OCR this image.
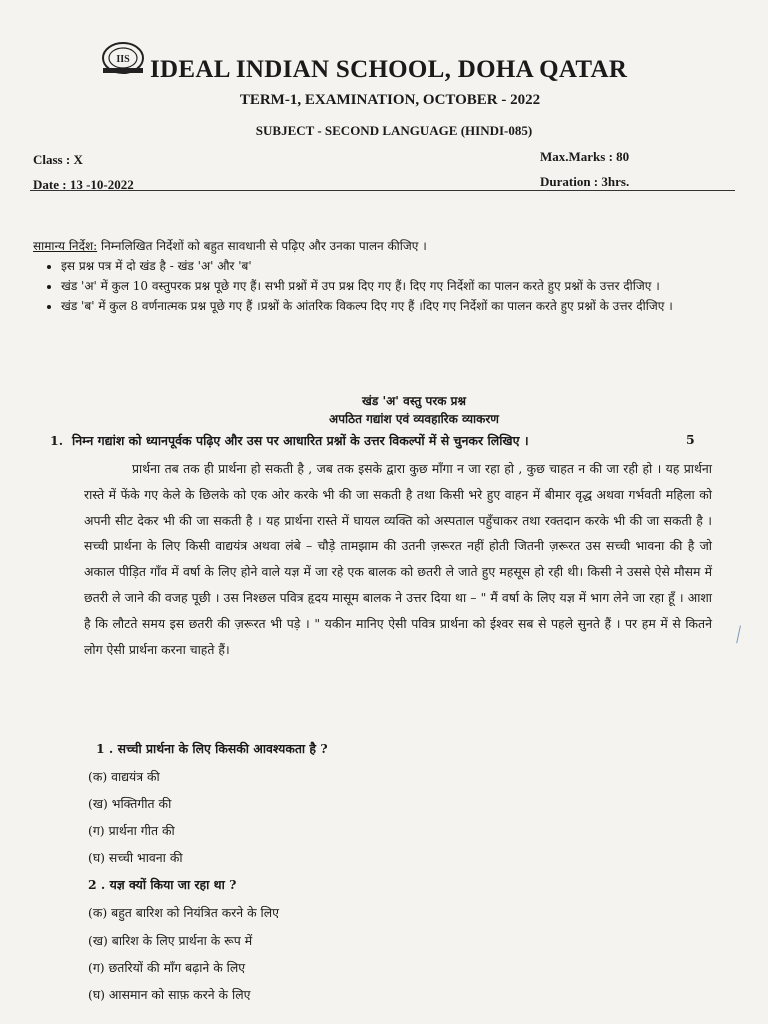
IIS IDEAL INDIAN SCHOOL, DOHA QATAR
TERM-1, EXAMINATION, OCTOBER - 2022
SUBJECT - SECOND LANGUAGE (HINDI-085)
Class : X
Date : 13 -10-2022
Max.Marks : 80
Duration : 3hrs.
सामान्य निर्देश: निम्नलिखित निर्देशों को बहुत सावधानी से पढ़िए और उनका पालन कीजिए ।
• इस प्रश्न पत्र में दो खंड है - खंड 'अ' और 'ब'
• खंड 'अ' में कुल 10 वस्तुपरक प्रश्न पूछे गए हैं। सभी प्रश्नों में उप प्रश्न दिए गए हैं। दिए गए निर्देशों का पालन करते हुए प्रश्नों के उत्तर दीजिए ।
• खंड 'ब' में कुल 8 वर्णनात्मक प्रश्न पूछे गए हैं ।प्रश्नों के आंतरिक विकल्प दिए गए हैं ।दिए गए निर्देशों का पालन करते हुए प्रश्नों के उत्तर दीजिए ।
खंड 'अ' वस्तु परक प्रश्न
अपठित गद्यांश एवं व्यवहारिक व्याकरण
1. निम्न गद्यांश को ध्यानपूर्वक पढ़िए और उस पर आधारित प्रश्नों के उत्तर विकल्पों में से चुनकर लिखिए ।	5
प्रार्थना तब तक ही प्रार्थना हो सकती है , जब तक इसके द्वारा कुछ माँगा न जा रहा हो , कुछ चाहत न की जा रही हो । यह प्रार्थना रास्ते में फेंके गए केले के छिलके को एक ओर करके भी की जा सकती है तथा किसी भरे हुए वाहन में बीमार वृद्ध अथवा गर्भवती महिला को अपनी सीट देकर भी की जा सकती है । यह प्रार्थना रास्ते में घायल व्यक्ति को अस्पताल पहुँचाकर तथा रक्तदान करके भी की जा सकती है । सच्ची प्रार्थना के लिए किसी वाद्ययंत्र अथवा लंबे – चौड़े तामझाम की उतनी ज़रूरत नहीं होती जितनी ज़रूरत उस सच्ची भावना की है जो अकाल पीड़ित गाँव में वर्षा के लिए होने वाले यज्ञ में जा रहे एक बालक को छतरी ले जाते हुए महसूस हो रही थी। किसी ने उससे ऐसे मौसम में छतरी ले जाने की वजह पूछी । उस निश्छल पवित्र हृदय मासूम बालक ने उत्तर दिया था – " मैं वर्षा के लिए यज्ञ में भाग लेने जा रहा हूँ । आशा है कि लौटते समय इस छतरी की ज़रूरत भी पड़े । " यकीन मानिए ऐसी पवित्र प्रार्थना को ईश्वर सब से पहले सुनते हैं । पर हम में से कितने लोग ऐसी प्रार्थना करना चाहते हैं।
1 . सच्ची प्रार्थना के लिए किसकी आवश्यकता है ?
(क) वाद्ययंत्र की
(ख) भक्तिगीत की
(ग) प्रार्थना गीत की
(घ) सच्ची भावना की
2 . यज्ञ क्यों किया जा रहा था ?
(क) बहुत बारिश को नियंत्रित करने के लिए
(ख) बारिश के लिए प्रार्थना के रूप में
(ग) छतरियों की माँग बढ़ाने के लिए
(घ) आसमान को साफ़ करने के लिए
